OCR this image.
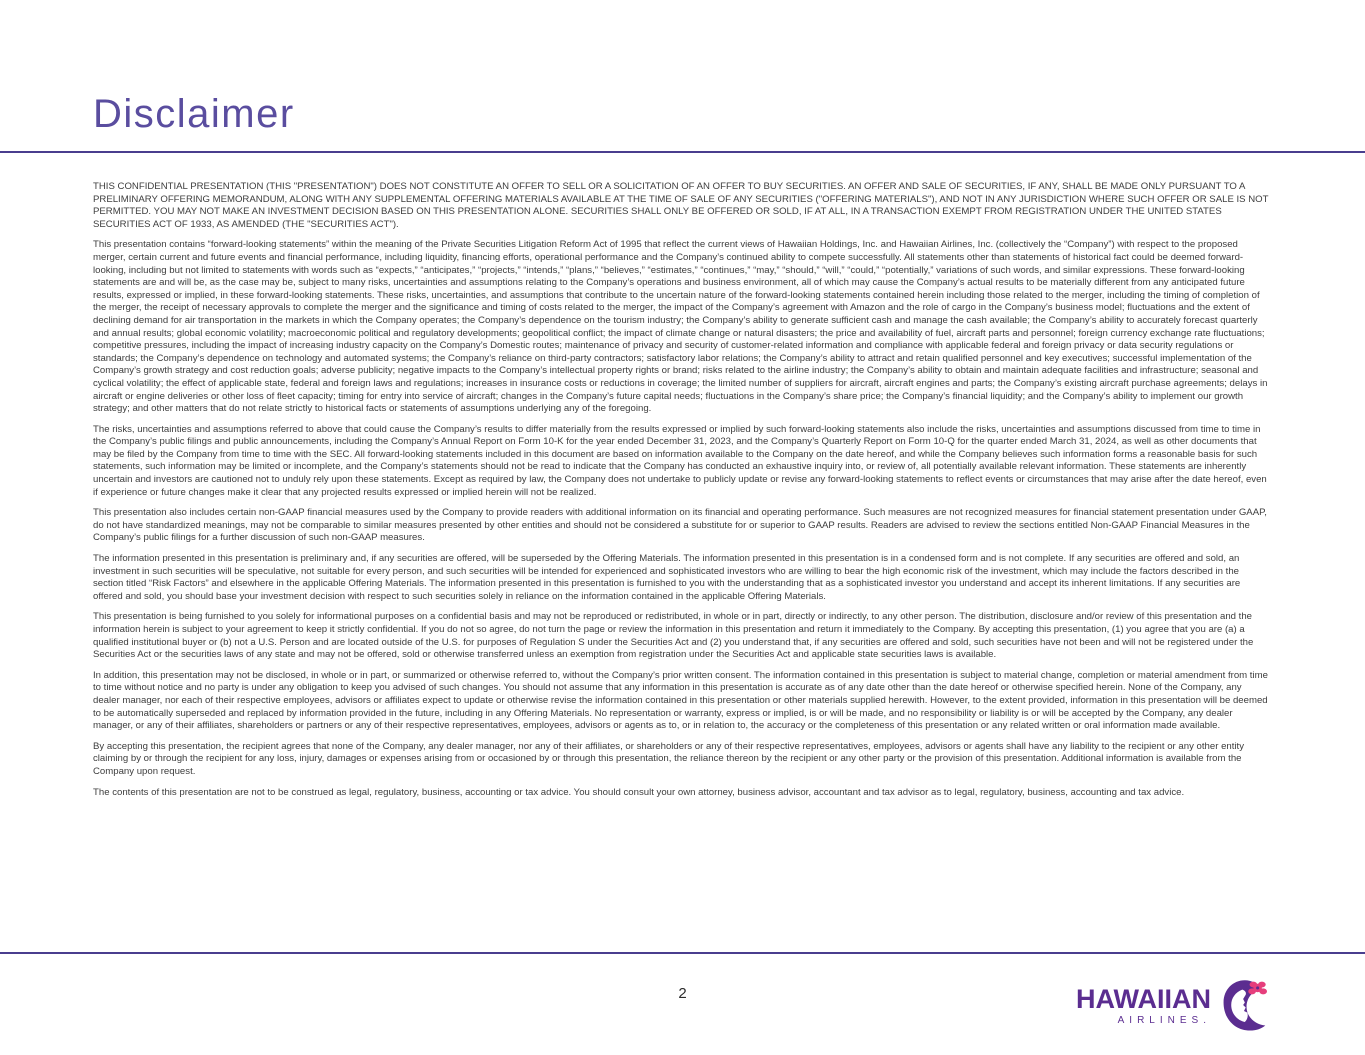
Disclaimer

THIS CONFIDENTIAL PRESENTATION (THIS "PRESENTATION") DOES NOT CONSTITUTE AN OFFER TO SELL OR A SOLICITATION OF AN OFFER TO BUY SECURITIES. AN OFFER AND SALE OF SECURITIES, IF ANY, SHALL BE MADE ONLY PURSUANT TO A PRELIMINARY OFFERING MEMORANDUM, ALONG WITH ANY SUPPLEMENTAL OFFERING MATERIALS AVAILABLE AT THE TIME OF SALE OF ANY SECURITIES ("OFFERING MATERIALS"), AND NOT IN ANY JURISDICTION WHERE SUCH OFFER OR SALE IS NOT PERMITTED. YOU MAY NOT MAKE AN INVESTMENT DECISION BASED ON THIS PRESENTATION ALONE. SECURITIES SHALL ONLY BE OFFERED OR SOLD, IF AT ALL, IN A TRANSACTION EXEMPT FROM REGISTRATION UNDER THE UNITED STATES SECURITIES ACT OF 1933, AS AMENDED (THE "SECURITIES ACT").

This presentation contains “forward-looking statements” within the meaning of the Private Securities Litigation Reform Act of 1995 that reflect the current views of Hawaiian Holdings, Inc. and Hawaiian Airlines, Inc. (collectively the “Company”) with respect to the proposed merger, certain current and future events and financial performance, including liquidity, financing efforts, operational performance and the Company’s continued ability to compete successfully. All statements other than statements of historical fact could be deemed forward-looking, including but not limited to statements with words such as “expects,” “anticipates,” “projects,” “intends,” “plans,” “believes,” “estimates,” “continues,” “may,” “should,” “will,” “could,” “potentially,” variations of such words, and similar expressions. These forward-looking statements are and will be, as the case may be, subject to many risks, uncertainties and assumptions relating to the Company’s operations and business environment, all of which may cause the Company’s actual results to be materially different from any anticipated future results, expressed or implied, in these forward-looking statements. These risks, uncertainties, and assumptions that contribute to the uncertain nature of the forward-looking statements contained herein including those related to the merger, including the timing of completion of the merger, the receipt of necessary approvals to complete the merger and the significance and timing of costs related to the merger, the impact of the Company’s agreement with Amazon and the role of cargo in the Company’s business model; fluctuations and the extent of declining demand for air transportation in the markets in which the Company operates; the Company’s dependence on the tourism industry; the Company’s ability to generate sufficient cash and manage the cash available; the Company’s ability to accurately forecast quarterly and annual results; global economic volatility; macroeconomic political and regulatory developments; geopolitical conflict; the impact of climate change or natural disasters; the price and availability of fuel, aircraft parts and personnel; foreign currency exchange rate fluctuations; competitive pressures, including the impact of increasing industry capacity on the Company’s Domestic routes; maintenance of privacy and security of customer-related information and compliance with applicable federal and foreign privacy or data security regulations or standards; the Company’s dependence on technology and automated systems; the Company’s reliance on third-party contractors; satisfactory labor relations; the Company’s ability to attract and retain qualified personnel and key executives; successful implementation of the Company’s growth strategy and cost reduction goals; adverse publicity; negative impacts to the Company’s intellectual property rights or brand; risks related to the airline industry; the Company’s ability to obtain and maintain adequate facilities and infrastructure; seasonal and cyclical volatility; the effect of applicable state, federal and foreign laws and regulations; increases in insurance costs or reductions in coverage; the limited number of suppliers for aircraft, aircraft engines and parts; the Company’s existing aircraft purchase agreements; delays in aircraft or engine deliveries or other loss of fleet capacity; timing for entry into service of aircraft; changes in the Company’s future capital needs; fluctuations in the Company’s share price; the Company’s financial liquidity; and the Company’s ability to implement our growth strategy; and other matters that do not relate strictly to historical facts or statements of assumptions underlying any of the foregoing.

The risks, uncertainties and assumptions referred to above that could cause the Company’s results to differ materially from the results expressed or implied by such forward-looking statements also include the risks, uncertainties and assumptions discussed from time to time in the Company’s public filings and public announcements, including the Company’s Annual Report on Form 10-K for the year ended December 31, 2023, and the Company’s Quarterly Report on Form 10-Q for the quarter ended March 31, 2024, as well as other documents that may be filed by the Company from time to time with the SEC. All forward-looking statements included in this document are based on information available to the Company on the date hereof, and while the Company believes such information forms a reasonable basis for such statements, such information may be limited or incomplete, and the Company’s statements should not be read to indicate that the Company has conducted an exhaustive inquiry into, or review of, all potentially available relevant information. These statements are inherently uncertain and investors are cautioned not to unduly rely upon these statements. Except as required by law, the Company does not undertake to publicly update or revise any forward-looking statements to reflect events or circumstances that may arise after the date hereof, even if experience or future changes make it clear that any projected results expressed or implied herein will not be realized.

This presentation also includes certain non-GAAP financial measures used by the Company to provide readers with additional information on its financial and operating performance. Such measures are not recognized measures for financial statement presentation under GAAP, do not have standardized meanings, may not be comparable to similar measures presented by other entities and should not be considered a substitute for or superior to GAAP results. Readers are advised to review the sections entitled Non-GAAP Financial Measures in the Company’s public filings for a further discussion of such non-GAAP measures.

The information presented in this presentation is preliminary and, if any securities are offered, will be superseded by the Offering Materials. The information presented in this presentation is in a condensed form and is not complete. If any securities are offered and sold, an investment in such securities will be speculative, not suitable for every person, and such securities will be intended for experienced and sophisticated investors who are willing to bear the high economic risk of the investment, which may include the factors described in the section titled “Risk Factors” and elsewhere in the applicable Offering Materials. The information presented in this presentation is furnished to you with the understanding that as a sophisticated investor you understand and accept its inherent limitations. If any securities are offered and sold, you should base your investment decision with respect to such securities solely in reliance on the information contained in the applicable Offering Materials.

This presentation is being furnished to you solely for informational purposes on a confidential basis and may not be reproduced or redistributed, in whole or in part, directly or indirectly, to any other person. The distribution, disclosure and/or review of this presentation and the information herein is subject to your agreement to keep it strictly confidential. If you do not so agree, do not turn the page or review the information in this presentation and return it immediately to the Company. By accepting this presentation, (1) you agree that you are (a) a qualified institutional buyer or (b) not a U.S. Person and are located outside of the U.S. for purposes of Regulation S under the Securities Act and (2) you understand that, if any securities are offered and sold, such securities have not been and will not be registered under the Securities Act or the securities laws of any state and may not be offered, sold or otherwise transferred unless an exemption from registration under the Securities Act and applicable state securities laws is available.

In addition, this presentation may not be disclosed, in whole or in part, or summarized or otherwise referred to, without the Company’s prior written consent. The information contained in this presentation is subject to material change, completion or material amendment from time to time without notice and no party is under any obligation to keep you advised of such changes. You should not assume that any information in this presentation is accurate as of any date other than the date hereof or otherwise specified herein. None of the Company, any dealer manager, nor each of their respective employees, advisors or affiliates expect to update or otherwise revise the information contained in this presentation or other materials supplied herewith. However, to the extent provided, information in this presentation will be deemed to be automatically superseded and replaced by information provided in the future, including in any Offering Materials. No representation or warranty, express or implied, is or will be made, and no responsibility or liability is or will be accepted by the Company, any dealer manager, or any of their affiliates, shareholders or partners or any of their respective representatives, employees, advisors or agents as to, or in relation to, the accuracy or the completeness of this presentation or any related written or oral information made available.

By accepting this presentation, the recipient agrees that none of the Company, any dealer manager, nor any of their affiliates, or shareholders or any of their respective representatives, employees, advisors or agents shall have any liability to the recipient or any other entity claiming by or through the recipient for any loss, injury, damages or expenses arising from or occasioned by or through this presentation, the reliance thereon by the recipient or any other party or the provision of this presentation. Additional information is available from the Company upon request.

The contents of this presentation are not to be construed as legal, regulatory, business, accounting or tax advice. You should consult your own attorney, business advisor, accountant and tax advisor as to legal, regulatory, business, accounting and tax advice.

2	HAWAIIAN
AIRLINES.
